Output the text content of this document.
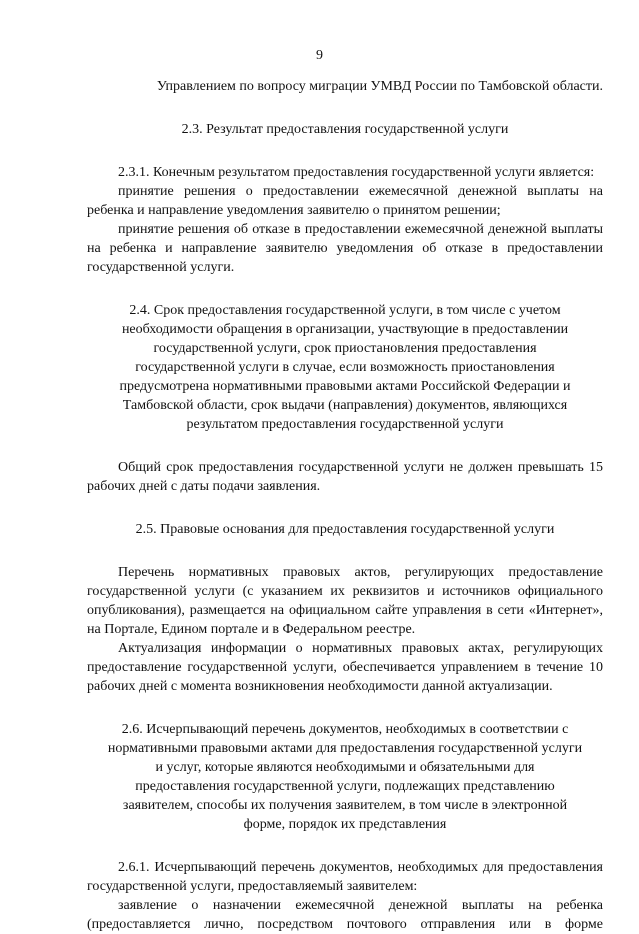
9

Управлением по вопросу миграции УМВД России по Тамбовской области.

2.3. Результат предоставления государственной услуги

2.3.1. Конечным результатом предоставления государственной услуги является:

принятие решения о предоставлении ежемесячной денежной выплаты на ребенка и направление уведомления заявителю о принятом решении;

принятие решения об отказе в предоставлении ежемесячной денежной выплаты на ребенка и направление заявителю уведомления об отказе в предоставлении государственной услуги.

2.4. Срок предоставления государственной услуги, в том числе с учетом

необходимости обращения в организации, участвующие в предоставлении

государственной услуги, срок приостановления предоставления

государственной услуги в случае, если возможность приостановления

предусмотрена нормативными правовыми актами Российской Федерации и

Тамбовской области, срок выдачи (направления) документов, являющихся

результатом предоставления государственной услуги

Общий срок предоставления государственной услуги не должен превышать 15 рабочих дней с даты подачи заявления.

2.5. Правовые основания для предоставления государственной услуги

Перечень нормативных правовых актов, регулирующих предоставление государственной услуги (с указанием их реквизитов и источников официального опубликования), размещается на официальном сайте управления в сети «Интернет», на Портале, Едином портале и в Федеральном реестре.

Актуализация информации о нормативных правовых актах, регулирующих предоставление государственной услуги, обеспечивается управлением в течение 10 рабочих дней с момента возникновения необходимости данной актуализации.

2.6. Исчерпывающий перечень документов, необходимых в соответствии с

нормативными правовыми актами для предоставления государственной услуги

и услуг, которые являются необходимыми и обязательными для

предоставления государственной услуги, подлежащих представлению

заявителем, способы их получения заявителем, в том числе в электронной

форме, порядок их представления

2.6.1. Исчерпывающий перечень документов, необходимых для предоставления государственной услуги, предоставляемый заявителем:

заявление о назначении ежемесячной денежной выплаты на ребенка (предоставляется лично, посредством почтового отправления или в форме
